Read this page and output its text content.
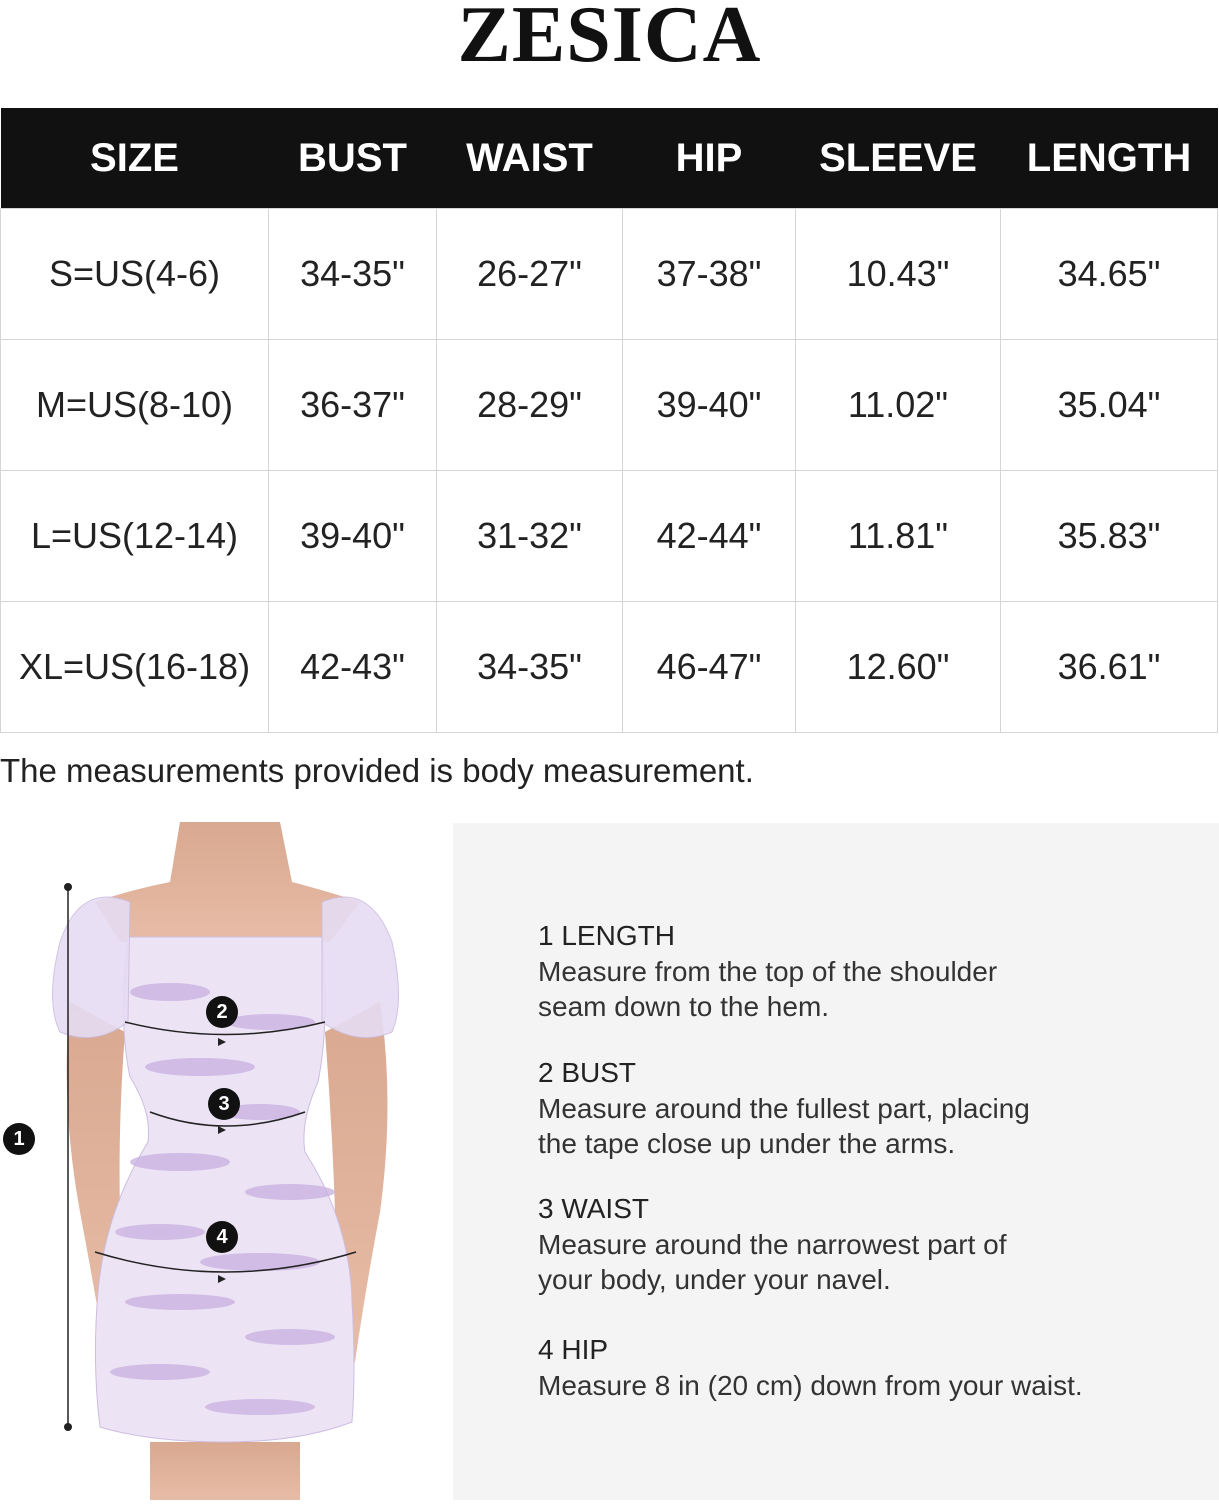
ZESICA
SIZE	BUST	WAIST	HIP	SLEEVE	LENGTH
S=US(4-6)	34-35"	26-27"	37-38"	10.43"	34.65"
M=US(8-10)	36-37"	28-29"	39-40"	11.02"	35.04"
L=US(12-14)	39-40"	31-32"	42-44"	11.81"	35.83"
XL=US(16-18)	42-43"	34-35"	46-47"	12.60"	36.61"
The measurements provided is body measurement.
1
2
3
4
1 LENGTH
Measure from the top of the shoulder
seam down to the hem.
2 BUST
Measure around the fullest part, placing
the tape close up under the arms.
3 WAIST
Measure around the narrowest part of
your body, under your navel.
4 HIP
Measure 8 in (20 cm) down from your waist.
